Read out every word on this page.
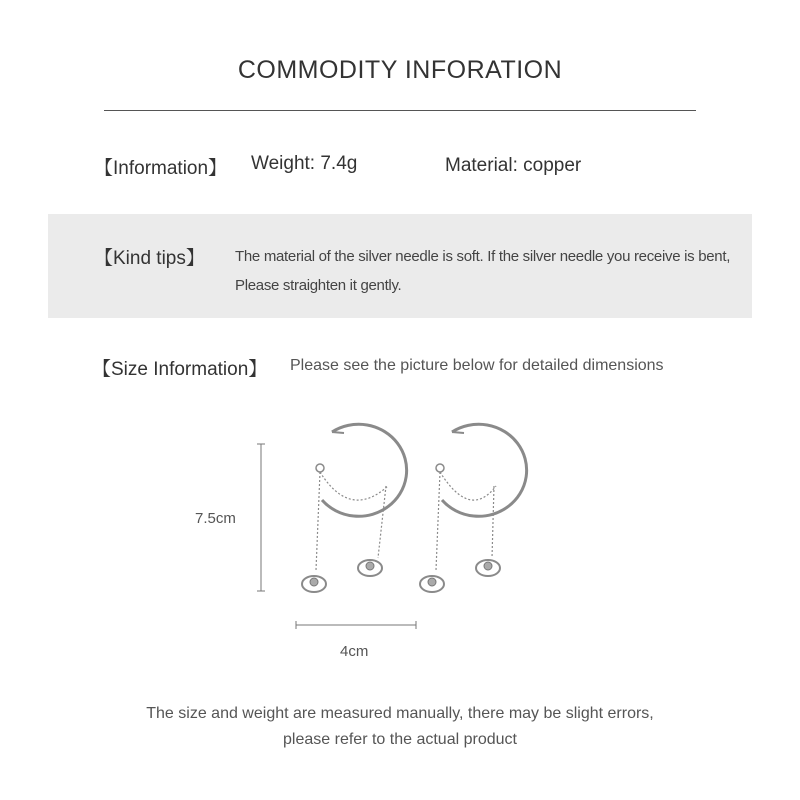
COMMODITY INFORATION
【Information】 Weight: 7.4g	Material: copper
【Kind tips】 The material of the silver needle is soft. If the silver needle you receive is bent,
Please straighten it gently.
【Size Information】 Please see the picture below for detailed dimensions
7.5cm
4cm
The size and weight are measured manually, there may be slight errors,
please refer to the actual product
